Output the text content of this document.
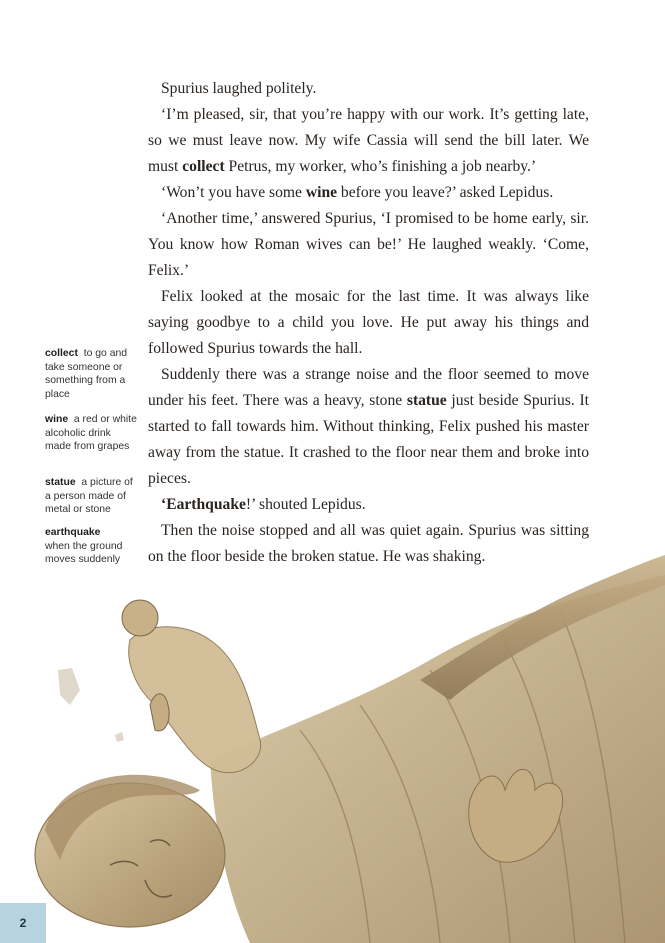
Spurius laughed politely.

‘I’m pleased, sir, that you’re happy with our work. It’s getting late, so we must leave now. My wife Cassia will send the bill later. We must collect Petrus, my worker, who’s finishing a job nearby.’

‘Won’t you have some wine before you leave?’ asked Lepidus.

‘Another time,’ answered Spurius, ‘I promised to be home early, sir. You know how Roman wives can be!’ He laughed weakly. ‘Come, Felix.’

Felix looked at the mosaic for the last time. It was always like saying goodbye to a child you love. He put away his things and followed Spurius towards the hall.

Suddenly there was a strange noise and the floor seemed to move under his feet. There was a heavy, stone statue just beside Spurius. It started to fall towards him. Without thinking, Felix pushed his master away from the statue. It crashed to the floor near them and broke into pieces.

‘Earthquake!’ shouted Lepidus.

Then the noise stopped and all was quiet again. Spurius was sitting on the floor beside the broken statue. He was shaking.

collect to go and take someone or something from a place
wine a red or white alcoholic drink made from grapes
statue a picture of a person made of metal or stone
earthquake
when the ground moves suddenly
2
